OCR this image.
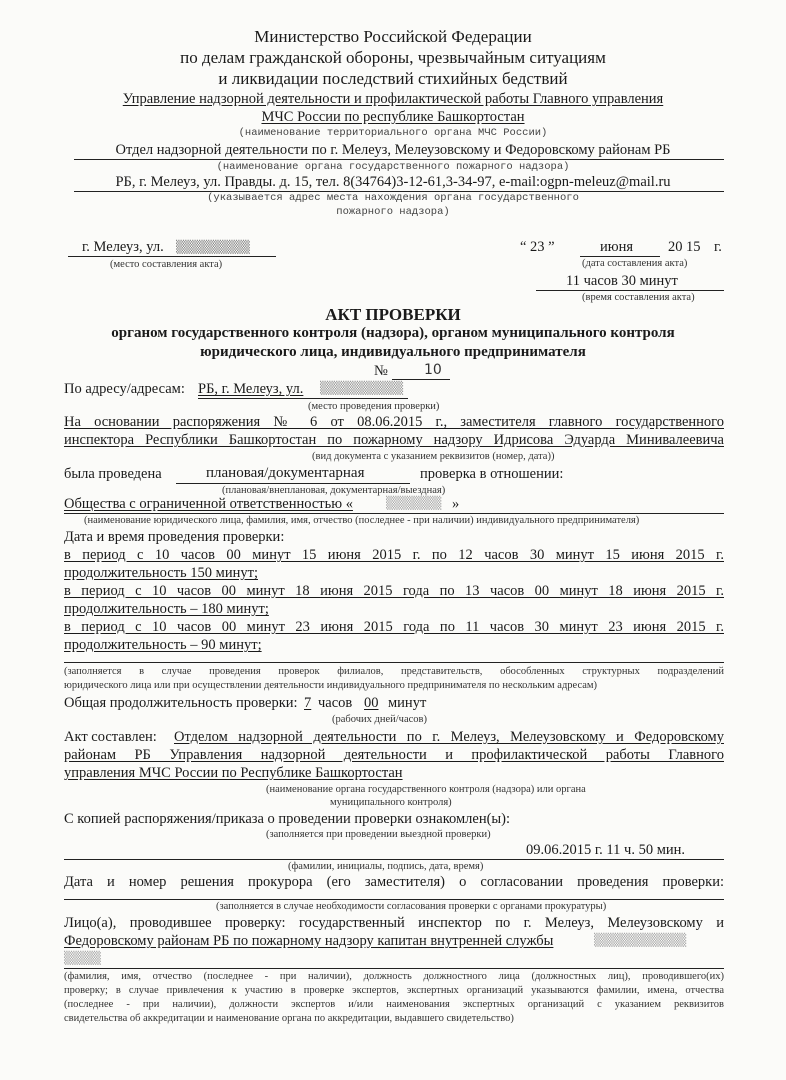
Министерство Российской Федерации
по делам гражданской обороны, чрезвычайным ситуациям
и ликвидации последствий стихийных бедствий
Управление надзорной деятельности и профилактической работы Главного управления
МЧС России по республике Башкортостан
(наименование территориального органа МЧС России)
Отдел надзорной деятельности по г. Мелеуз, Мелеузовскому и Федоровскому районам РБ
(наименование органа государственного пожарного надзора)
РБ, г. Мелеуз, ул. Правды. д. 15, тел. 8(34764)3-12-61,3-34-97, e-mail:ogpn-meleuz@mail.ru
(указывается адрес места нахождения органа государственного
пожарного надзора)
г. Мелеуз, ул. ▒▒▒▒▒▒▒▒
(место составления акта)
“ 23 ”	июня 20 15 г.
(дата составления акта)
11 часов 30 минут
(время составления акта)
АКТ ПРОВЕРКИ
органом государственного контроля (надзора), органом муниципального контроля
юридического лица, индивидуального предпринимателя
№	10
По адресу/адресам: РБ, г. Мелеуз, ул. ▒▒▒▒▒▒▒▒▒
(место проведения проверки)
На основании распоряжения № 6 от 08.06.2015 г., заместителя главного государственного
инспектора Республики Башкортостан по пожарному надзору Идрисова Эдуарда Минивалеевича
(вид документа с указанием реквизитов (номер, дата))
была проведена	плановая/документарная	проверка в отношении:
(плановая/внеплановая, документарная/выездная)
Общества с ограниченной ответственностью «	▒▒▒▒▒▒ »
(наименование юридического лица, фамилия, имя, отчество (последнее - при наличии) индивидуального предпринимателя)
Дата и время проведения проверки:
в период с 10 часов 00 минут 15 июня 2015 г. по 12 часов 30 минут 15 июня 2015 г.
продолжительность 150 минут;
в период с 10 часов 00 минут 18 июня 2015 года по 13 часов 00 минут 18 июня 2015 г.
продолжительность – 180 минут;
в период с 10 часов 00 минут 23 июня 2015 года по 11 часов 30 минут 23 июня 2015 г.
продолжительность – 90 минут;
(заполняется в случае проведения проверок филиалов, представительств, обособленных структурных подразделений
юридического лица или при осуществлении деятельности индивидуального предпринимателя по нескольким адресам)
Общая продолжительность проверки: 7 часов 00 минут
(рабочих дней/часов)
Акт составлен: Отделом надзорной деятельности по г. Мелеуз, Мелеузовскому и Федоровскому
районам РБ Управления надзорной деятельности и профилактической работы Главного
управления МЧС России по Республике Башкортостан
(наименование органа государственного контроля (надзора) или органа
муниципального контроля)
С копией распоряжения/приказа о проведении проверки ознакомлен(ы):
(заполняется при проведении выездной проверки)
09.06.2015 г. 11 ч. 50 мин.
(фамилии, инициалы, подпись, дата, время)
Дата и номер решения прокурора (его заместителя) о согласовании проведения проверки:
(заполняется в случае необходимости согласования проверки с органами прокуратуры)
Лицо(а), проводившее проверку: государственный инспектор по г. Мелеуз, Мелеузовскому и
Федоровскому районам РБ по пожарному надзору капитан внутренней службы	▒▒▒▒▒▒▒▒▒▒
▒▒▒▒
(фамилия, имя, отчество (последнее - при наличии), должность должностного лица (должностных лиц), проводившего(их)
проверку; в случае привлечения к участию в проверке экспертов, экспертных организаций указываются фамилии, имена, отчества
(последнее - при наличии), должности экспертов и/или наименования экспертных организаций с указанием реквизитов
свидетельства об аккредитации и наименование органа по аккредитации, выдавшего свидетельство)
